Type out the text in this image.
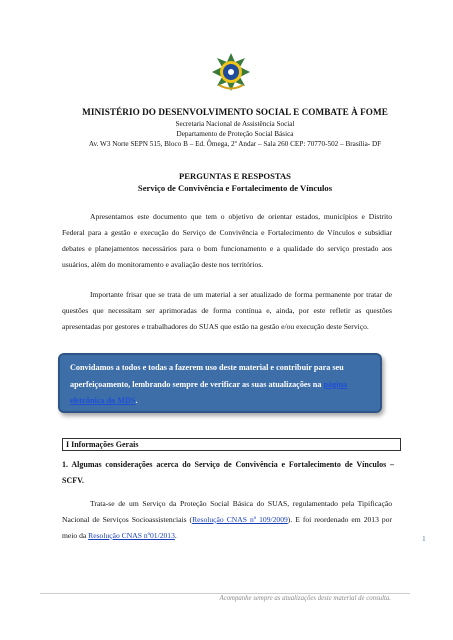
MINISTÉRIO DO DESENVOLVIMENTO SOCIAL E COMBATE À FOME

Secretaria Nacional de Assistência Social
Departamento de Proteção Social Básica
Av. W3 Norte SEPN 515, Bloco B – Ed. Ômega, 2º Andar – Sala 260 CEP: 70770-502 – Brasília- DF
PERGUNTAS E RESPOSTAS
Serviço de Convivência e Fortalecimento de Vínculos

Apresentamos este documento que tem o objetivo de orientar estados, municípios e Distrito Federal para a gestão e execução do Serviço de Convivência e Fortalecimento de Vínculos e subsidiar debates e planejamentos necessários para o bom funcionamento e a qualidade do serviço prestado aos usuários, além do monitoramento e avaliação deste nos territórios.

Importante frisar que se trata de um material a ser atualizado de forma permanente por tratar de questões que necessitam ser aprimoradas de forma contínua e, ainda, por este refletir as questões apresentadas por gestores e trabalhadores do SUAS que estão na gestão e/ou execução deste Serviço.

Convidamos a todos e todas a fazerem uso deste material e contribuir para seu aperfeiçoamento, lembrando sempre de verificar as suas atualizações na página eletrônica do MDS.
I Informações Gerais

1. Algumas considerações acerca do Serviço de Convivência e Fortalecimento de Vínculos – SCFV.

Trata-se de um Serviço da Proteção Social Básica do SUAS, regulamentado pela Tipificação Nacional de Serviços Socioassistenciais (Resolução CNAS nº 109/2009). E foi reordenado em 2013 por meio da Resolução CNAS nº01/2013.	1
Acompanhe sempre as atualizações deste material de consulta.
